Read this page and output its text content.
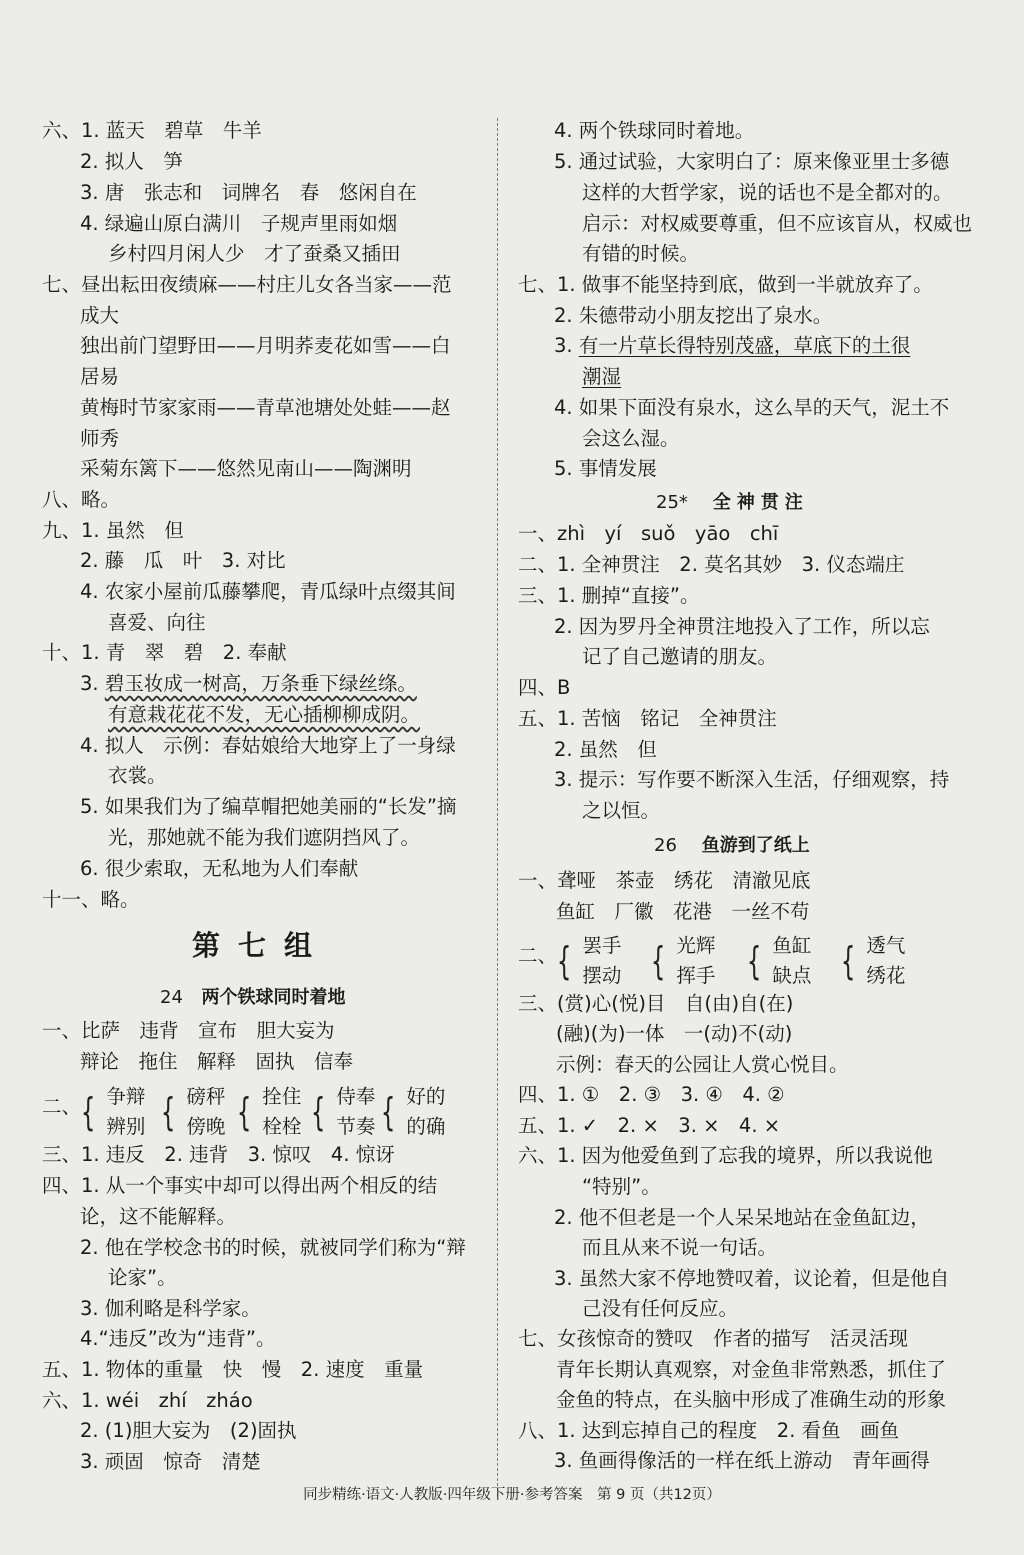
六、1. 蓝天　碧草　牛羊
2. 拟人　笋
3. 唐　张志和　词牌名　春　悠闲自在
4. 绿遍山原白满川　子规声里雨如烟
乡村四月闲人少　才了蚕桑又插田
七、昼出耘田夜绩麻——村庄儿女各当家——范
成大
独出前门望野田——月明荞麦花如雪——白
居易
黄梅时节家家雨——青草池塘处处蛙——赵
师秀
采菊东篱下——悠然见南山——陶渊明
八、略。
九、1. 虽然　但
2. 藤　瓜　叶　3. 对比
4. 农家小屋前瓜藤攀爬，青瓜绿叶点缀其间
喜爱、向往
十、1. 青　翠　碧　2. 奉献
3. 碧玉妆成一树高，万条垂下绿丝绦。
有意栽花花不发，无心插柳柳成阴。
4. 拟人　示例：春姑娘给大地穿上了一身绿
衣裳。
5. 如果我们为了编草帽把她美丽的“长发”摘
光，那她就不能为我们遮阴挡风了。
6. 很少索取，无私地为人们奉献
十一、略。
第七组
24 两个铁球同时着地
一、比萨　违背　宣布　胆大妄为
辩论　拖住　解释　固执　信奉
二、 { 争辩
辨别 { 磅秤
傍晚 { 拴住
栓栓 { 侍奉
节奏 { 好的
的确
三、1. 违反　2. 违背　3. 惊叹　4. 惊讶
四、1. 从一个事实中却可以得出两个相反的结
论，这不能解释。
2. 他在学校念书的时候，就被同学们称为“辩
论家”。
3. 伽利略是科学家。
4.“违反”改为“违背”。
五、1. 物体的重量　快　慢　2. 速度　重量
六、1. wéi　zhí　zháo
2. (1)胆大妄为　(2)固执
3. 顽固　惊奇　清楚
4. 两个铁球同时着地。
5. 通过试验，大家明白了：原来像亚里士多德
这样的大哲学家，说的话也不是全都对的。
启示：对权威要尊重，但不应该盲从，权威也
有错的时候。
七、1. 做事不能坚持到底，做到一半就放弃了。
2. 朱德带动小朋友挖出了泉水。
3. 有一片草长得特别茂盛，草底下的土很
潮湿
4. 如果下面没有泉水，这么旱的天气，泥土不
会这么湿。
5. 事情发展
25* 全神贯注
一、zhì　yí　suǒ　yāo　chī
二、1. 全神贯注　2. 莫名其妙　3. 仪态端庄
三、1. 删掉“直接”。
2. 因为罗丹全神贯注地投入了工作，所以忘
记了自己邀请的朋友。
四、B
五、1. 苦恼　铭记　全神贯注
2. 虽然　但
3. 提示：写作要不断深入生活，仔细观察，持
之以恒。
26 鱼游到了纸上
一、聋哑　茶壶　绣花　清澈见底
鱼缸　厂徽　花港　一丝不苟
二、 { 罢手
摆动 { 光辉
挥手 { 鱼缸
缺点 { 透气
绣花
三、(赏)心(悦)目　自(由)自(在)
(融)(为)一体　一(动)不(动)
示例：春天的公园让人赏心悦目。
四、1. ①　2. ③　3. ④　4. ②
五、1. ✓　2. ×　3. ×　4. ×
六、1. 因为他爱鱼到了忘我的境界，所以我说他
“特别”。
2. 他不但老是一个人呆呆地站在金鱼缸边，
而且从来不说一句话。
3. 虽然大家不停地赞叹着，议论着，但是他自
己没有任何反应。
七、女孩惊奇的赞叹　作者的描写　活灵活现
青年长期认真观察，对金鱼非常熟悉，抓住了
金鱼的特点，在头脑中形成了准确生动的形象
八、1. 达到忘掉自己的程度　2. 看鱼　画鱼
3. 鱼画得像活的一样在纸上游动　青年画得
同步精练·语文·人教版·四年级下册·参考答案　第 9 页（共12页）
